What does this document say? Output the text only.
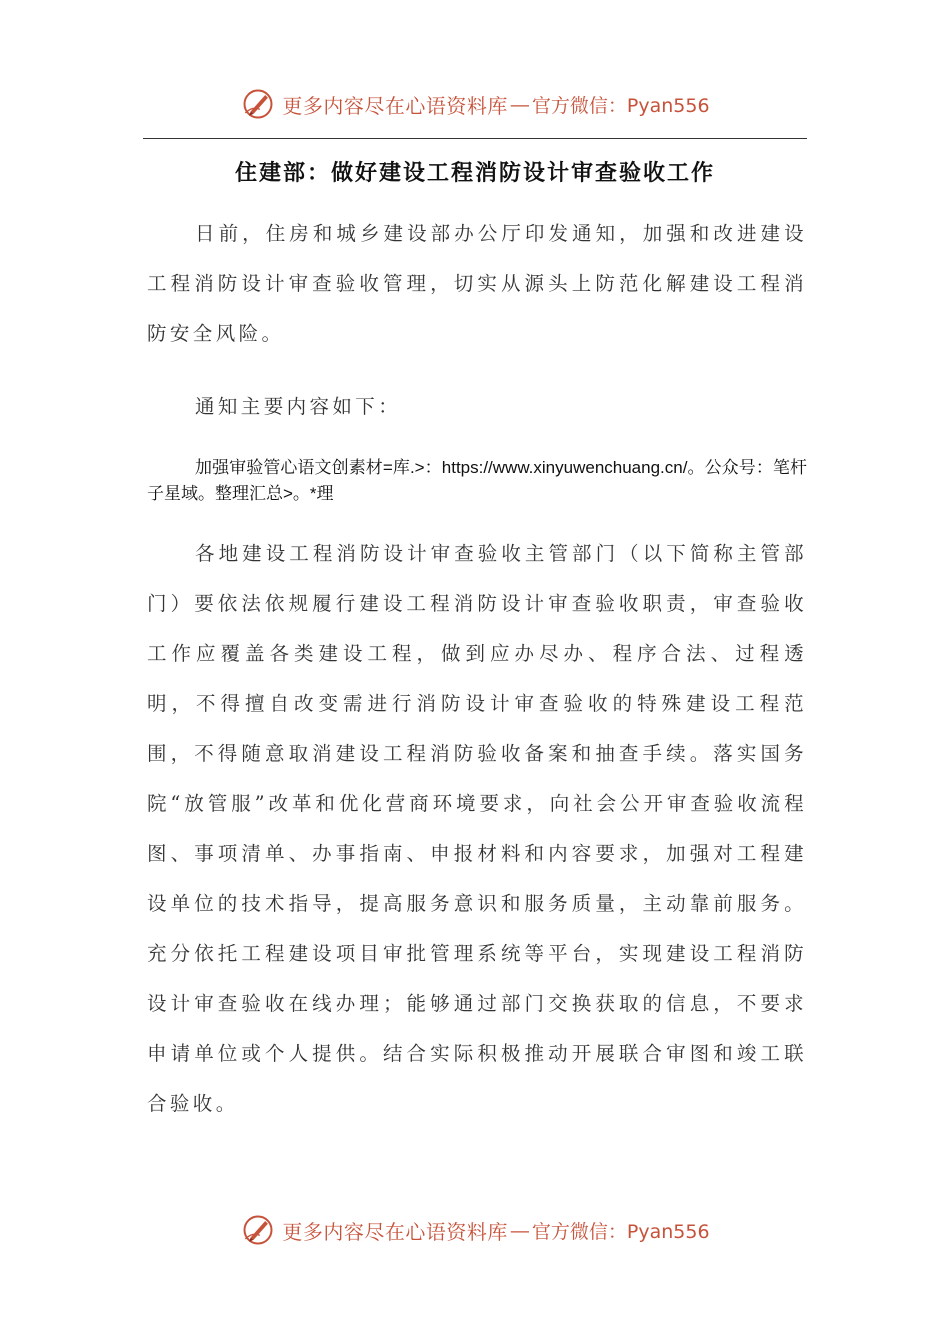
更多内容尽在心语资料库 — 官方微信：Pyan556
住建部：做好建设工程消防设计审查验收工作

日前，住房和城乡建设部办公厅印发通知，加强和改进建设工程消防设计审查验收管理，切实从源头上防范化解建设工程消防安全风险。

通知主要内容如下：

加强审验管心语文创素材=库.>：https://www.xinyuwenchuang.cn/。公众号：笔杆子星域。整理汇总>。*理

各地建设工程消防设计审查验收主管部门（以下简称主管部门）要依法依规履行建设工程消防设计审查验收职责，审查验收工作应覆盖各类建设工程，做到应办尽办、程序合法、过程透明，不得擅自改变需进行消防设计审查验收的特殊建设工程范围，不得随意取消建设工程消防验收备案和抽查手续。落实国务院“放管服”改革和优化营商环境要求，向社会公开审查验收流程图、事项清单、办事指南、申报材料和内容要求，加强对工程建设单位的技术指导，提高服务意识和服务质量，主动靠前服务。充分依托工程建设项目审批管理系统等平台，实现建设工程消防设计审查验收在线办理；能够通过部门交换获取的信息，不要求申请单位或个人提供。结合实际积极推动开展联合审图和竣工联合验收。

更多内容尽在心语资料库 — 官方微信：Pyan556
